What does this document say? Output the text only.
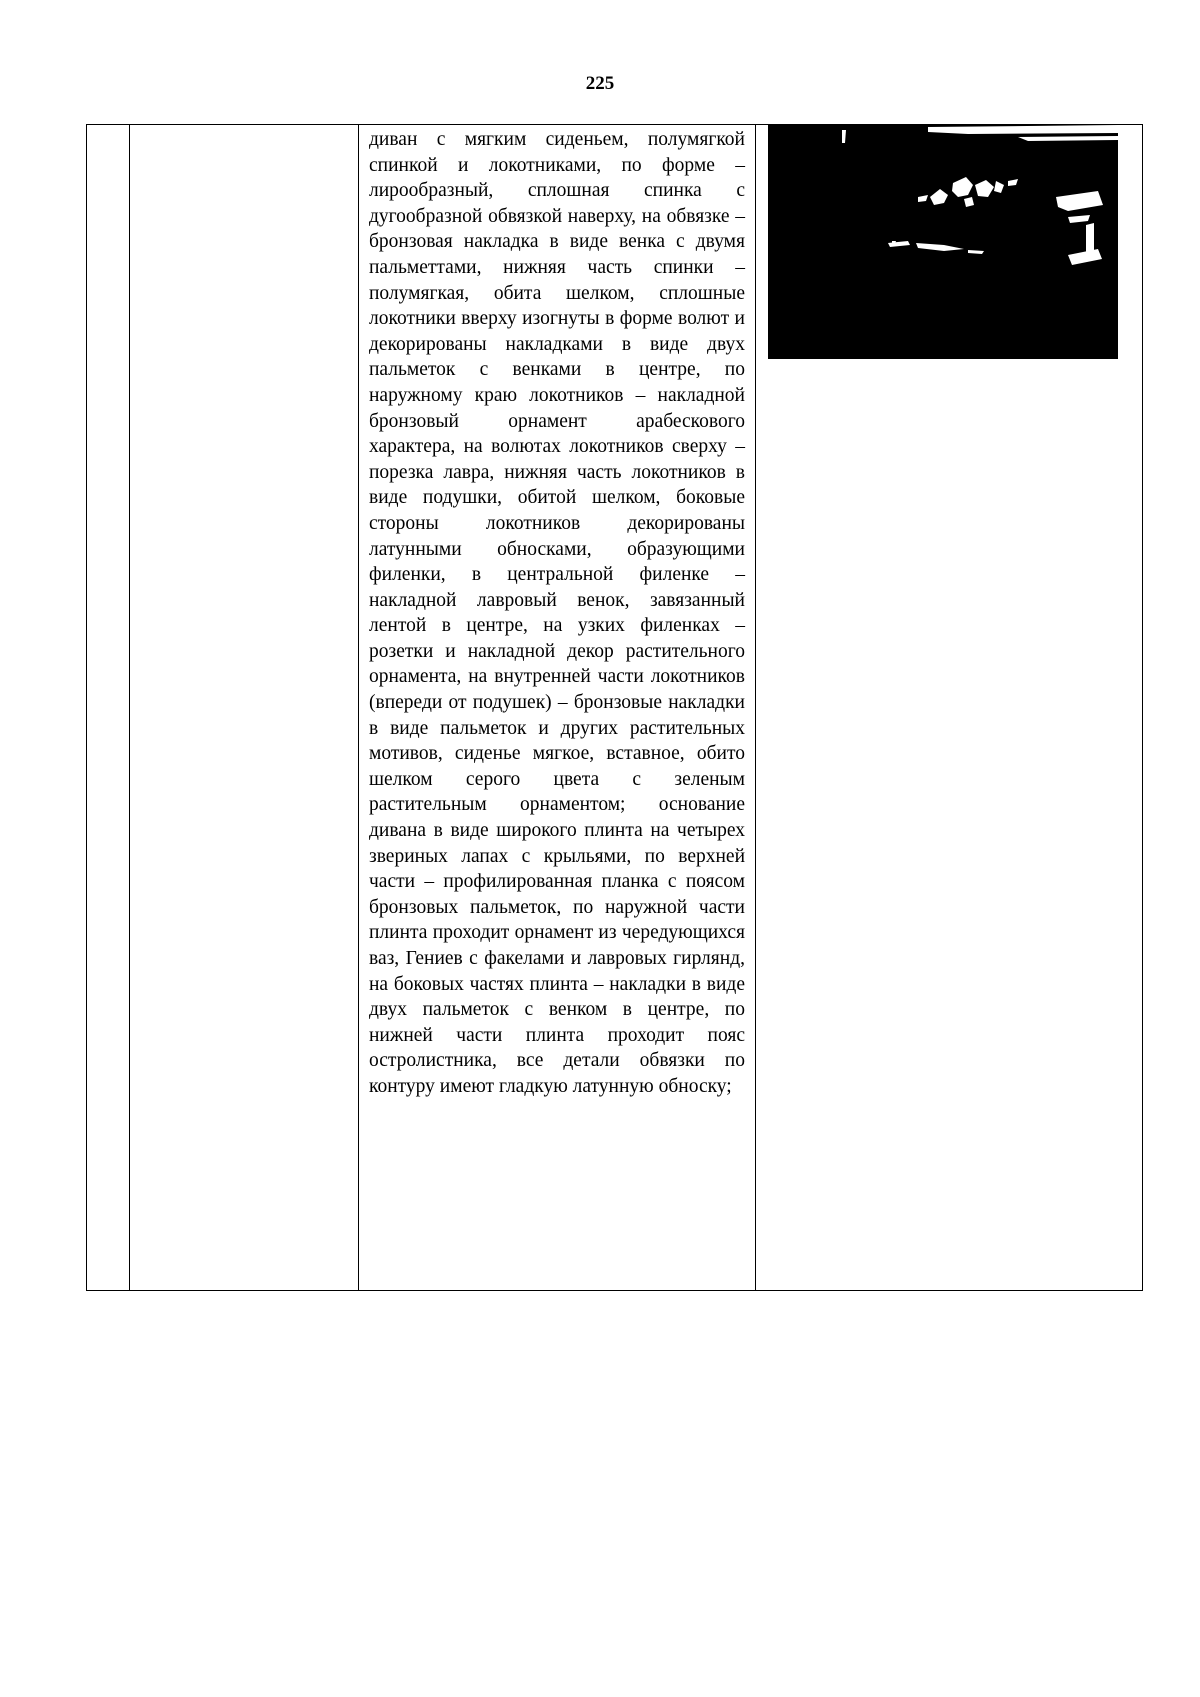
225

диван с мягким сиденьем, полумягкой спинкой и локотниками, по форме – лирообразный, сплошная спинка с дугообразной обвязкой наверху, на обвязке – бронзовая накладка в виде венка с двумя пальметтами, нижняя часть спинки – полумягкая, обита шелком, сплошные локотники вверху изогнуты в форме волют и декорированы накладками в виде двух пальметок с венками в центре, по наружному краю локотников – накладной бронзовый орнамент арабескового характера, на волютах локотников сверху – порезка лавра, нижняя часть локотников в виде подушки, обитой шелком, боковые стороны локотников декорированы латунными обносками, образующими филенки, в центральной филенке – накладной лавровый венок, завязанный лентой в центре, на узких филенках – розетки и накладной декор растительного орнамента, на внутренней части локотников (впереди от подушек) – бронзовые накладки в виде пальметок и других растительных мотивов, сиденье мягкое, вставное, обито шелком серого цвета с зеленым растительным орнаментом; основание дивана в виде широкого плинта на четырех звериных лапах с крыльями, по верхней части – профилированная планка с поясом бронзовых пальметок, по наружной части плинта проходит орнамент из чередующихся ваз, Гениев с факелами и лавровых гирлянд, на боковых частях плинта – накладки в виде двух пальметок с венком в центре, по нижней части плинта проходит пояс остролистника, все детали обвязки по контуру имеют гладкую латунную обноску;
